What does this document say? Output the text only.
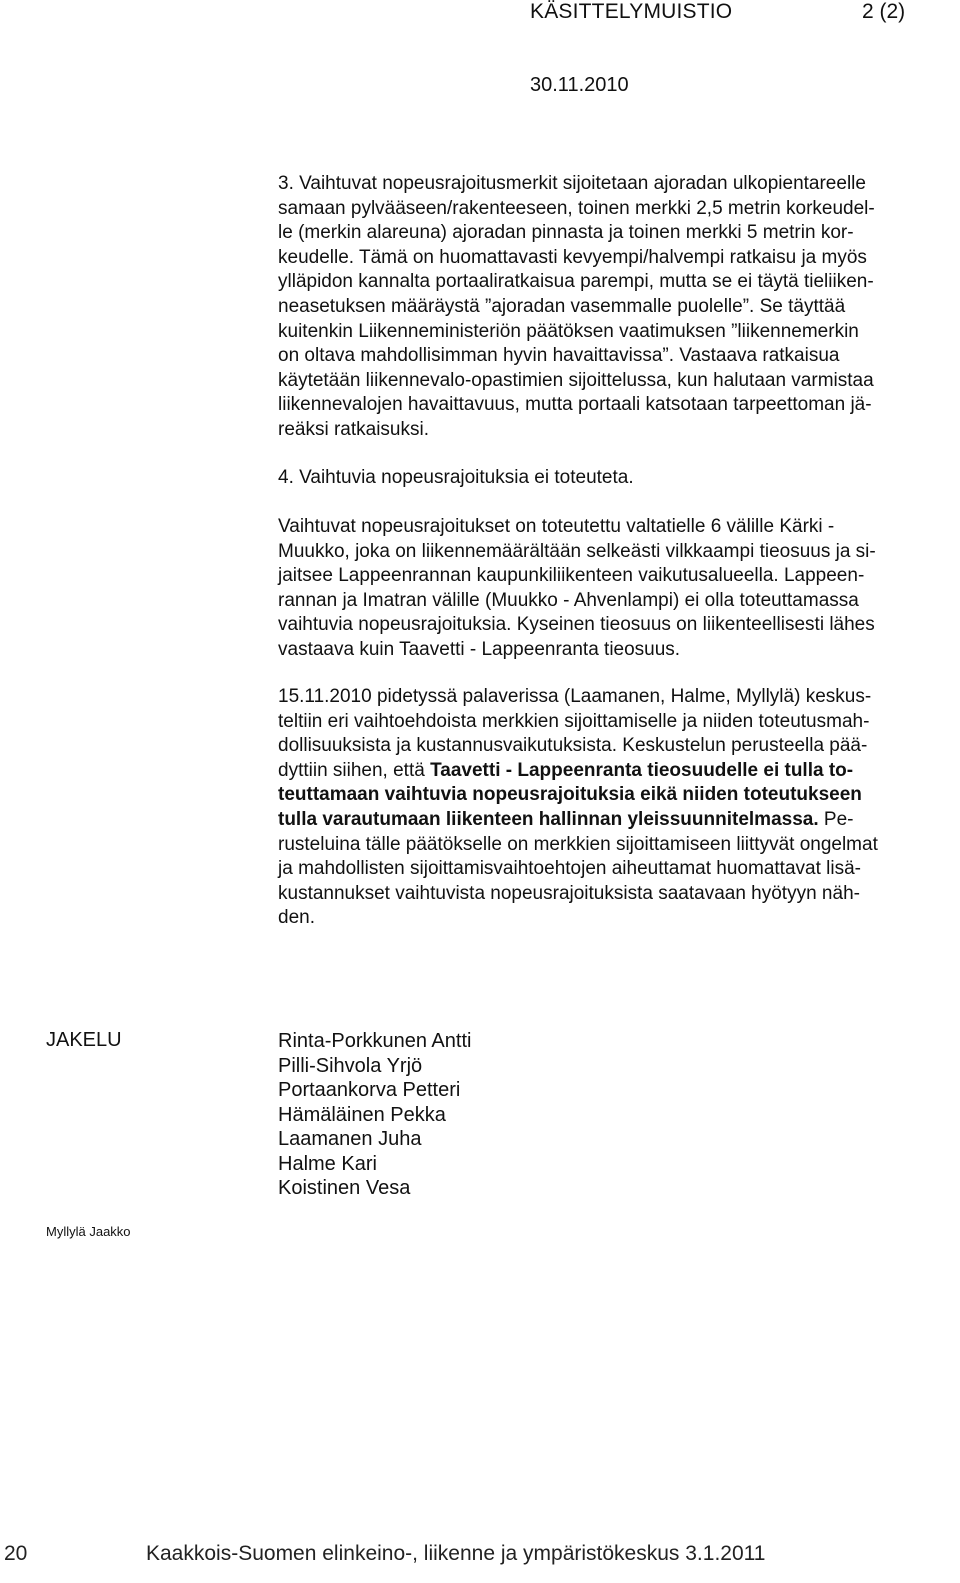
KÄSITTELYMUISTIO	2 (2)
30.11.2010

3. Vaihtuvat nopeusrajoitusmerkit sijoitetaan ajoradan ulkopientareelle
samaan pylvääseen/rakenteeseen, toinen merkki 2,5 metrin korkeudel-
le (merkin alareuna) ajoradan pinnasta ja toinen merkki 5 metrin kor-
keudelle. Tämä on huomattavasti kevyempi/halvempi ratkaisu ja myös
ylläpidon kannalta portaaliratkaisua parempi, mutta se ei täytä tieliiken-
neasetuksen määräystä ”ajoradan vasemmalle puolelle”. Se täyttää
kuitenkin Liikenneministeriön päätöksen vaatimuksen ”liikennemerkin
on oltava mahdollisimman hyvin havaittavissa”. Vastaava ratkaisua
käytetään liikennevalo-opastimien sijoittelussa, kun halutaan varmistaa
liikennevalojen havaittavuus, mutta portaali katsotaan tarpeettoman jä-
reäksi ratkaisuksi.

4. Vaihtuvia nopeusrajoituksia ei toteuteta.

Vaihtuvat nopeusrajoitukset on toteutettu valtatielle 6 välille Kärki -
Muukko, joka on liikennemäärältään selkeästi vilkkaampi tieosuus ja si-
jaitsee Lappeenrannan kaupunkiliikenteen vaikutusalueella. Lappeen-
rannan ja Imatran välille (Muukko - Ahvenlampi) ei olla toteuttamassa
vaihtuvia nopeusrajoituksia. Kyseinen tieosuus on liikenteellisesti lähes
vastaava kuin Taavetti - Lappeenranta tieosuus.

15.11.2010 pidetyssä palaverissa (Laamanen, Halme, Myllylä) keskus-
teltiin eri vaihtoehdoista merkkien sijoittamiselle ja niiden toteutusmah-
dollisuuksista ja kustannusvaikutuksista. Keskustelun perusteella pää-
dyttiin siihen, että Taavetti - Lappeenranta tieosuudelle ei tulla to-
teuttamaan vaihtuvia nopeusrajoituksia eikä niiden toteutukseen
tulla varautumaan liikenteen hallinnan yleissuunnitelmassa. Pe-
rusteluina tälle päätökselle on merkkien sijoittamiseen liittyvät ongelmat
ja mahdollisten sijoittamisvaihtoehtojen aiheuttamat huomattavat lisä-
kustannukset vaihtuvista nopeusrajoituksista saatavaan hyötyyn näh-
den.

JAKELU	Rinta-Porkkunen Antti
Pilli-Sihvola Yrjö
Portaankorva Petteri
Hämäläinen Pekka
Laamanen Juha
Halme Kari
Koistinen Vesa
Myllylä Jaakko
20	Kaakkois-Suomen elinkeino-, liikenne ja ympäristökeskus 3.1.2011
